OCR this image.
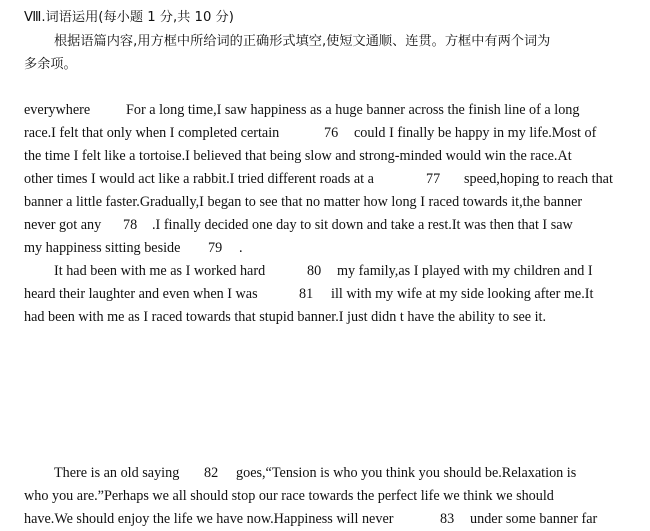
Ⅷ.词语运用(每小题 1 分,共 10 分)
根据语篇内容,用方框中所给词的正确形式填空,使短文通顺、连贯。方框中有两个词为
多余项。
everywhere	For a long time,I saw happiness as a huge banner across the finish line of a long
race.I felt that only when I completed certain	76 could I finally be happy in my life.Most of
the time I felt like a tortoise.I believed that being slow and strong-minded would win the race.At
other times I would act like a rabbit.I tried different roads at a	77 speed,hoping to reach that
banner a little faster.Gradually,I began to see that no matter how long I raced towards it,the banner
never got any 78 .I finally decided one day to sit down and take a rest.It was then that I saw
my happiness sitting beside 79 .
It had been with me as I worked hard	80 my family,as I played with my children and I
heard their laughter and even when I was	81 ill with my wife at my side looking after me.It
had been with me as I raced towards that stupid banner.I just didn t have the ability to see it.
There is an old saying 82 goes,“Tension is who you think you should be.Relaxation is
who you are.”Perhaps we all should stop our race towards the perfect life we think we should
have.We should enjoy the life we have now.Happiness will never	83 under some banner far
